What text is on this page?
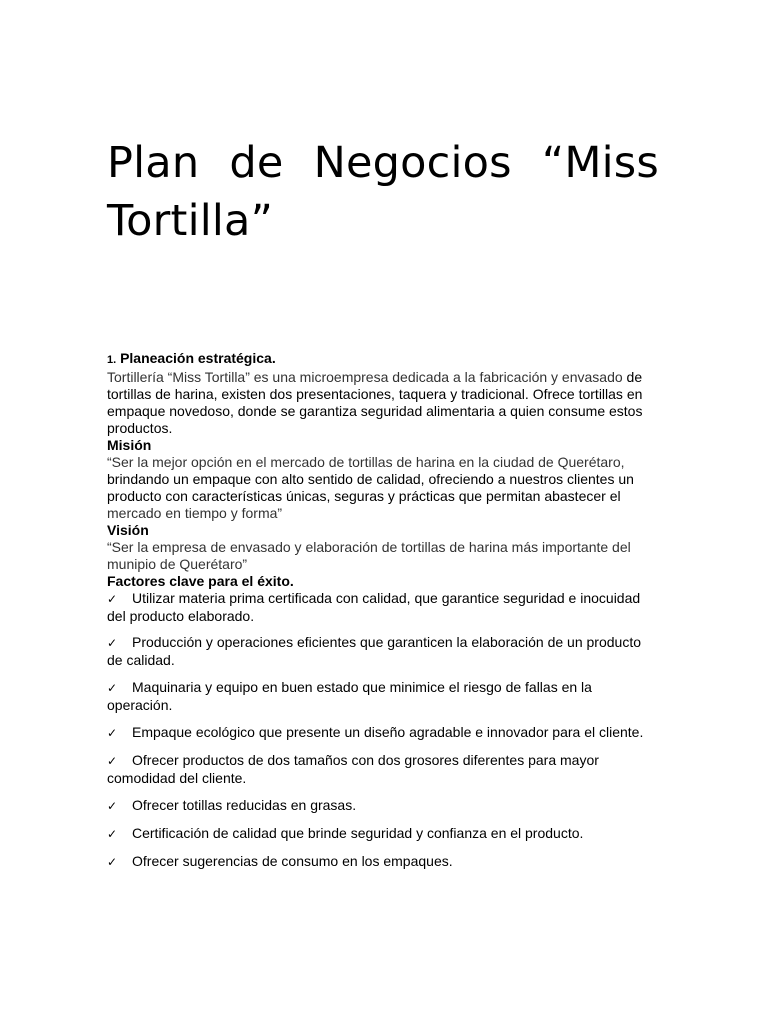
Plan de Negocios “Miss Tortilla”

1. Planeación estratégica.

Tortillería “Miss Tortilla” es una microempresa dedicada a la fabricación y envasado de tortillas de harina, existen dos presentaciones, taquera y tradicional. Ofrece tortillas en empaque novedoso, donde se garantiza seguridad alimentaria a quien consume estos productos.

Misión

“Ser la mejor opción en el mercado de tortillas de harina en la ciudad de Querétaro, brindando un empaque con alto sentido de calidad, ofreciendo a nuestros clientes un producto con características únicas, seguras y prácticas que permitan abastecer el mercado en tiempo y forma”

Visión

“Ser la empresa de envasado y elaboración de tortillas de harina más importante del munipio de Querétaro”

Factores clave para el éxito.

✓ Utilizar materia prima certificada con calidad, que garantice seguridad e inocuidad del producto elaborado.
✓ Producción y operaciones eficientes que garanticen la elaboración de un producto de calidad.
✓ Maquinaria y equipo en buen estado que minimice el riesgo de fallas en la operación.
✓ Empaque ecológico que presente un diseño agradable e innovador para el cliente.
✓ Ofrecer productos de dos tamaños con dos grosores diferentes para mayor comodidad del cliente.
✓ Ofrecer totillas reducidas en grasas.
✓ Certificación de calidad que brinde seguridad y confianza en el producto.
✓ Ofrecer sugerencias de consumo en los empaques.
